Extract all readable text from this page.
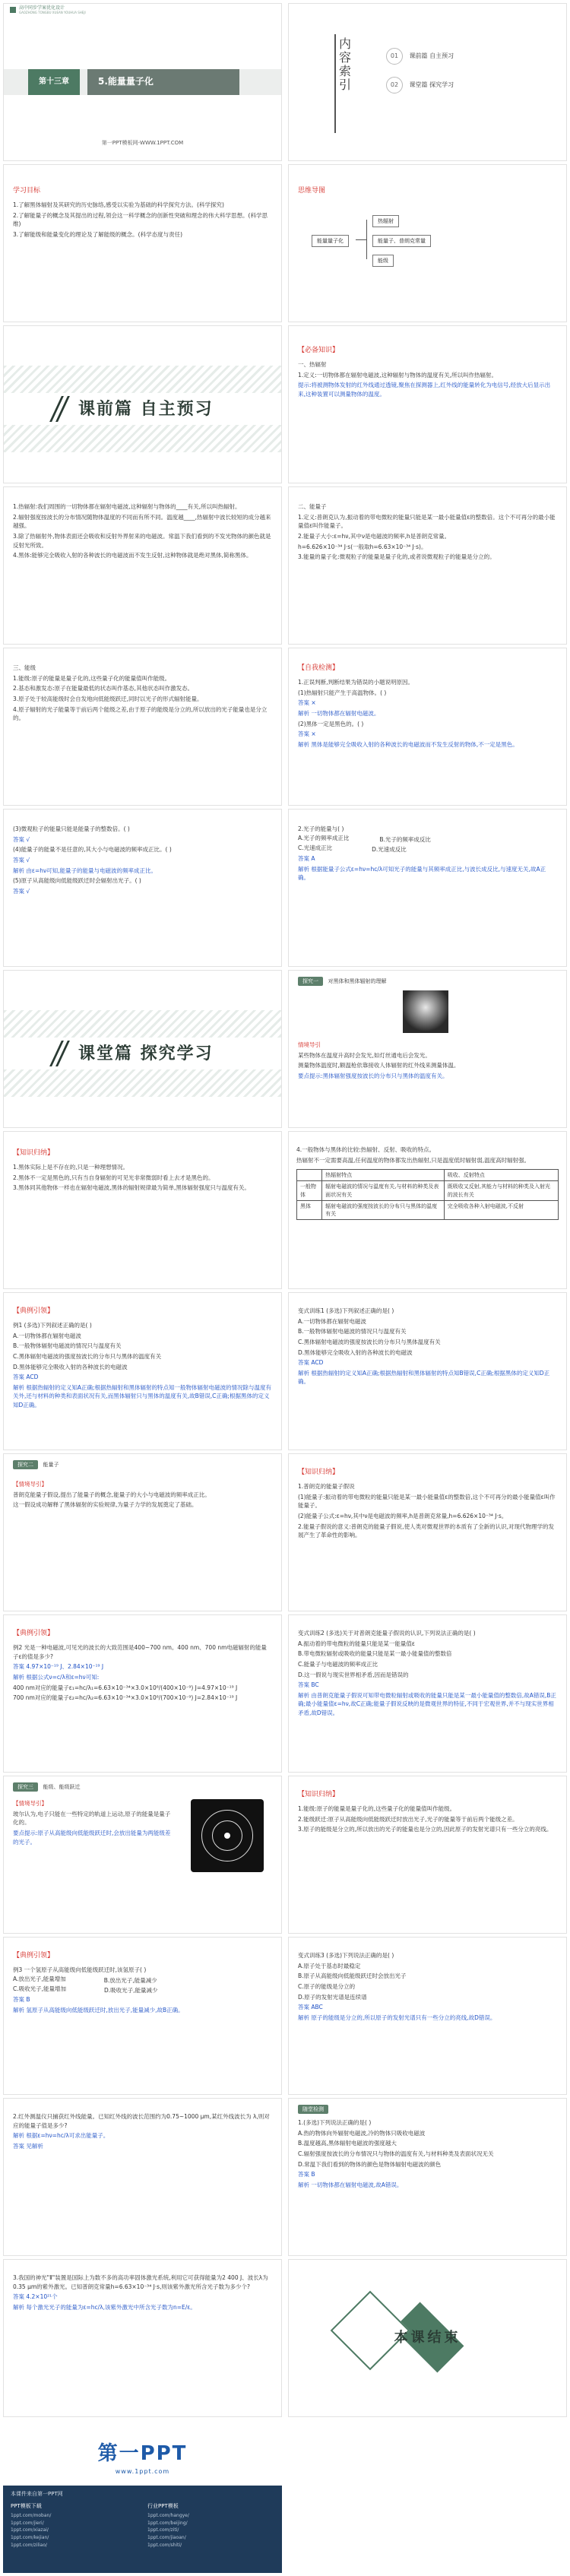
高中同步学案优化设计
GAOZHONG TONGBU XUEAN YOUHUA SHEJI
第十三章	5.能量量子化
第一PPT模板网-WWW.1PPT.COM
内容索引
01 课前篇 自主预习
02 课堂篇 探究学习
学习目标
1.了解黑体辐射及其研究的历史脉络,感受以实验为基础的科学探究方法。(科学探究)
2.了解能量子的概念及其提出的过程,领会这一科学概念的创新性突破和理念的伟大科学思想。(科学思维)
3.了解能级和能量变化的理论及了解能级的概念。(科学态度与责任)
思维导图
能量量子化
热辐射
能量子、普朗克常量
能级
课前篇 自主预习
【必备知识】
一、热辐射
1.定义:一切物体都在辐射电磁波,这种辐射与物体的温度有关,所以叫作热辐射。
提示:将被测物体发射的红外线通过透镜,聚焦在探测器上,红外线的能量转化为电信号,经放大后显示出来,这种装置可以测量物体的温度。
1.热辐射:我们周围的一切物体都在辐射电磁波,这种辐射与物体的____有关,所以叫热辐射。
2.辐射强度按波长的分布情况随物体温度的不同而有所不同。温度越____,热辐射中波长较短的成分越来越强。
3.除了热辐射外,物体表面还会吸收和反射外界射来的电磁波。常温下我们看到的不发光物体的颜色就是反射光所致。
4.黑体:能够完全吸收入射的各种波长的电磁波而不发生反射,这种物体就是绝对黑体,简称黑体。
二、能量子
1.定义:普朗克认为,振动着的带电微粒的能量只能是某一最小能量值ε的整数倍。这个不可再分的最小能量值ε叫作能量子。
2.能量子大小:ε=hν,其中ν是电磁波的频率,h是普朗克常量。
h=6.626×10⁻³⁴ J·s(一般取h=6.63×10⁻³⁴ J·s)。
3.能量的量子化:微观粒子的能量是量子化的,或者说微观粒子的能量是分立的。
三、能级
1.能级:原子的能量是量子化的,这些量子化的能量值叫作能级。
2.基态和激发态:原子在能量最低的状态叫作基态,其他状态叫作激发态。
3.原子处于较高能级时会自发地向低能级跃迁,同时以光子的形式辐射能量。
4.原子辐射的光子能量等于前后两个能级之差,由于原子的能级是分立的,所以放出的光子能量也是分立的。
【自我检测】
1.正误判断,判断结果为错误的小题说明原因。
(1)热辐射只能产生于高温物体。( )
答案 ×
解析 一切物体都在辐射电磁波。
(2)黑体一定是黑色的。( )
答案 ×
解析 黑体是能够完全吸收入射的各种波长的电磁波而不发生反射的物体,不一定是黑色。
(3)微观粒子的能量只能是能量子的整数倍。( )
答案 √
(4)能量子的能量不是任意的,其大小与电磁波的频率成正比。( )
答案 √
解析 由ε=hν可知,能量子的能量与电磁波的频率成正比。
(5)原子从高能级向低能级跃迁时会辐射出光子。( )
答案 √
2.光子的能量与( )
A.光子的频率成正比	B.光子的频率成反比
C.光速成正比	D.光速成反比
答案 A
解析 根据能量子公式ε=hν=hc/λ可知光子的能量与其频率成正比,与波长成反比,与速度无关,故A正确。
课堂篇 探究学习
探究一 对黑体和黑体辐射的理解
情境导引
某些物体在温度升高时会发光,如灯丝通电后会发光。
测量物体温度时,额温枪依靠接收人体辐射的红外线来测量体温。
要点提示:黑体辐射强度按波长的分布只与黑体的温度有关。
【知识归纳】
1.黑体实际上是不存在的,只是一种理想情况。
2.黑体不一定是黑色的,只有当自身辐射的可见光非常微弱时看上去才是黑色的。
3.黑体同其他物体一样也在辐射电磁波,黑体的辐射规律最为简单,黑体辐射强度只与温度有关。
4.一般物体与黑体的比较:热辐射、反射、吸收的特点。
热辐射不一定需要高温,任何温度的物体都发出热辐射,只是温度低时辐射弱,温度高时辐射强。
	热辐射特点	吸收、反射特点
一般物体	辐射电磁波的情况与温度有关,与材料的种类及表面状况有关	既吸收又反射,其能力与材料的种类及入射光的波长有关
黑体	辐射电磁波的强度按波长的分布只与黑体的温度有关	完全吸收各种入射电磁波,不反射
【典例引领】
例1 (多选)下列叙述正确的是( )
A.一切物体都在辐射电磁波
B.一般物体辐射电磁波的情况只与温度有关
C.黑体辐射电磁波的强度按波长的分布只与黑体的温度有关
D.黑体能够完全吸收入射的各种波长的电磁波
答案 ACD
解析 根据热辐射的定义知A正确;根据热辐射和黑体辐射的特点知一般物体辐射电磁波的情况除与温度有关外,还与材料的种类和表面状况有关,而黑体辐射只与黑体的温度有关,故B错误,C正确;根据黑体的定义知D正确。
变式训练1 (多选)下列叙述正确的是( )
A.一切物体都在辐射电磁波
B.一般物体辐射电磁波的情况只与温度有关
C.黑体辐射电磁波的强度按波长的分布只与黑体温度有关
D.黑体能够完全吸收入射的各种波长的电磁波
答案 ACD
解析 根据热辐射的定义知A正确;根据热辐射和黑体辐射的特点知B错误,C正确;根据黑体的定义知D正确。
探究二 能量子
【情境导引】
普朗克能量子假设,提出了能量子的概念,能量子的大小与电磁波的频率成正比。
这一假设成功解释了黑体辐射的实验规律,为量子力学的发展奠定了基础。
【知识归纳】
1.普朗克的能量子假说
(1)能量子:振动着的带电微粒的能量只能是某一最小能量值ε的整数倍,这个不可再分的最小能量值ε叫作能量子。
(2)能量子公式:ε=hν,其中ν是电磁波的频率,h是普朗克常量,h=6.626×10⁻³⁴ J·s。
2.能量子假说的意义:普朗克的能量子假说,使人类对微观世界的本质有了全新的认识,对现代物理学的发展产生了革命性的影响。
【典例引领】
例2 光是一种电磁波,可见光的波长的大致范围是400~700 nm。400 nm、700 nm电磁辐射的能量子ε的值是多少?
答案 4.97×10⁻¹⁹ J、2.84×10⁻¹⁹ J
解析 根据公式ν=c/λ和ε=hν可知:
400 nm对应的能量子ε₁=hc/λ₁=6.63×10⁻³⁴×3.0×10⁸/(400×10⁻⁹) J=4.97×10⁻¹⁹ J
700 nm对应的能量子ε₂=hc/λ₂=6.63×10⁻³⁴×3.0×10⁸/(700×10⁻⁹) J=2.84×10⁻¹⁹ J
变式训练2 (多选)关于对普朗克能量子假说的认识,下列说法正确的是( )
A.振动着的带电微粒的能量只能是某一能量值ε
B.带电微粒辐射或吸收的能量只能是某一最小能量值的整数倍
C.能量子与电磁波的频率成正比
D.这一假说与现实世界相矛盾,因而是错误的
答案 BC
解析 由普朗克能量子假说可知带电微粒辐射或吸收的能量只能是某一最小能量值的整数倍,故A错误,B正确;最小能量值ε=hν,故C正确;能量子假说反映的是微观世界的特征,不同于宏观世界,并不与现实世界相矛盾,故D错误。
探究三 能级、能级跃迁
【情境导引】
玻尔认为,电子只能在一些特定的轨道上运动,原子的能量是量子化的。
要点提示:原子从高能级向低能级跃迁时,会放出能量为两能级差的光子。
【知识归纳】
1.能级:原子的能量是量子化的,这些量子化的能量值叫作能级。
2.能级跃迁:原子从高能级向低能级跃迁时放出光子,光子的能量等于前后两个能级之差。
3.原子的能级是分立的,所以放出的光子的能量也是分立的,因此原子的发射光谱只有一些分立的亮线。
【典例引领】
例3 一个氢原子从高能级向低能级跃迁时,该氢原子( )
A.放出光子,能量增加	B.放出光子,能量减少
C.吸收光子,能量增加	D.吸收光子,能量减少
答案 B
解析 氢原子从高能级向低能级跃迁时,放出光子,能量减少,故B正确。
变式训练3 (多选)下列说法正确的是( )
A.原子处于基态时最稳定
B.原子从高能级向低能级跃迁时会放出光子
C.原子的能级是分立的
D.原子的发射光谱是连续谱
答案 ABC
解析 原子的能级是分立的,所以原子的发射光谱只有一些分立的亮线,故D错误。
2.红外测温仪只捕获红外线能量。已知红外线的波长范围约为0.75~1000 μm,某红外线波长为 λ,则对应的能量子值是多少?
解析 根据ε=hν=hc/λ可求出能量子。
答案 见解析
随堂检测
1.(多选)下列说法正确的是( )
A.热的物体向外辐射电磁波,冷的物体只吸收电磁波
B.温度越高,黑体辐射电磁波的强度越大
C.辐射强度按波长的分布情况只与物体的温度有关,与材料种类及表面状况无关
D.常温下我们看到的物体的颜色是物体辐射电磁波的颜色
答案 B
解析 一切物体都在辐射电磁波,故A错误。
3.我国的神光"Ⅱ"装置是国际上为数不多的高功率固体激光系统,利用它可获得能量为2 400 J、波长λ为0.35 μm的紫外激光。已知普朗克常量h=6.63×10⁻³⁴ J·s,则该紫外激光所含光子数为多少个?
答案 4.2×10²¹个
解析 每个激光光子的能量为ε=hc/λ,该紫外激光中所含光子数为n=E/ε。
本课结束
第一PPT
www.1ppt.com
本课件来自第一PPT网
PPT模板下载
1ppt.com/moban/
1ppt.com/jieri/
1ppt.com/xiazai/
1ppt.com/kejian/
1ppt.com/ziliao/
行业PPT模板
1ppt.com/hangye/
1ppt.com/beijing/
1ppt.com/ziti/
1ppt.com/jiaoan/
1ppt.com/shiti/
